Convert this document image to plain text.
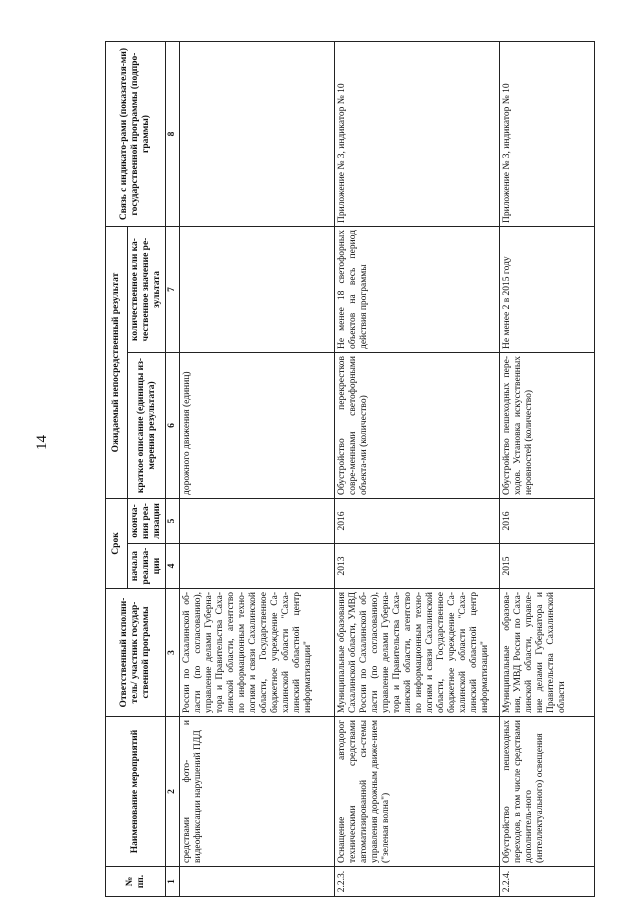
14
№ пп.	Наименование мероприятий	Ответственный исполни-тель/ участник государ-ственной программы	Срок		Ожидаемый непосредственный результат		Связь с индикато-рами (показателя-ми) государственной программы (подпро-граммы)
			начала реализа-ции	оконча-ния реа-лизации	краткое описание (единицы из-мерения результата)	количественное или ка-чественное значение ре-зультата	
1	2	3	4	5	6	7	8
	средствами фото- и видеофиксации нарушений ПДД	России по Сахалинской об-ласти (по согласованию), управление делами Губерна-тора и Правительства Саха-линской области, агентство по информационным техно-логиям и связи Сахалинской области, Государственное бюджетное учреждение Са-халинской области "Саха-линский областной центр информатизации"			дорожного движения (единиц)		
2.2.3.	Оснащение автодорог техническими средствами автоматизированной си-стемы управления дорожным движе-нием ("зеленая волна")	Муниципальные образования Сахалинской области, УМВД России по Сахалинской об-ласти (по согласованию), управление делами Губерна-тора и Правительства Саха-линской области, агентство по информационным техно-логиям и связи Сахалинской области, Государственное бюджетное учреждение Са-халинской области "Саха-линский областной центр информатизации"	2013	2016	Обустройство перекрестков совре-менными светофорными объекта-ми (количество)	Не менее 18 светофорных объектов на весь период действия программы	Приложение № 3, индикатор № 10
2.2.4.	Обустройство пешеходных переходов, в том числе средствами дополнитель-ного (интеллектуального) освещения	Муниципальные образова-ния, УМВД России по Саха-линской области, управле-ние делами Губернатора и Правительства Сахалинской области	2015	2016	Обустройство пешеходных пере-ходов. Установка искусственных неровностей (количество)	Не менее 2 в 2015 году	Приложение № 3, индикатор № 10
